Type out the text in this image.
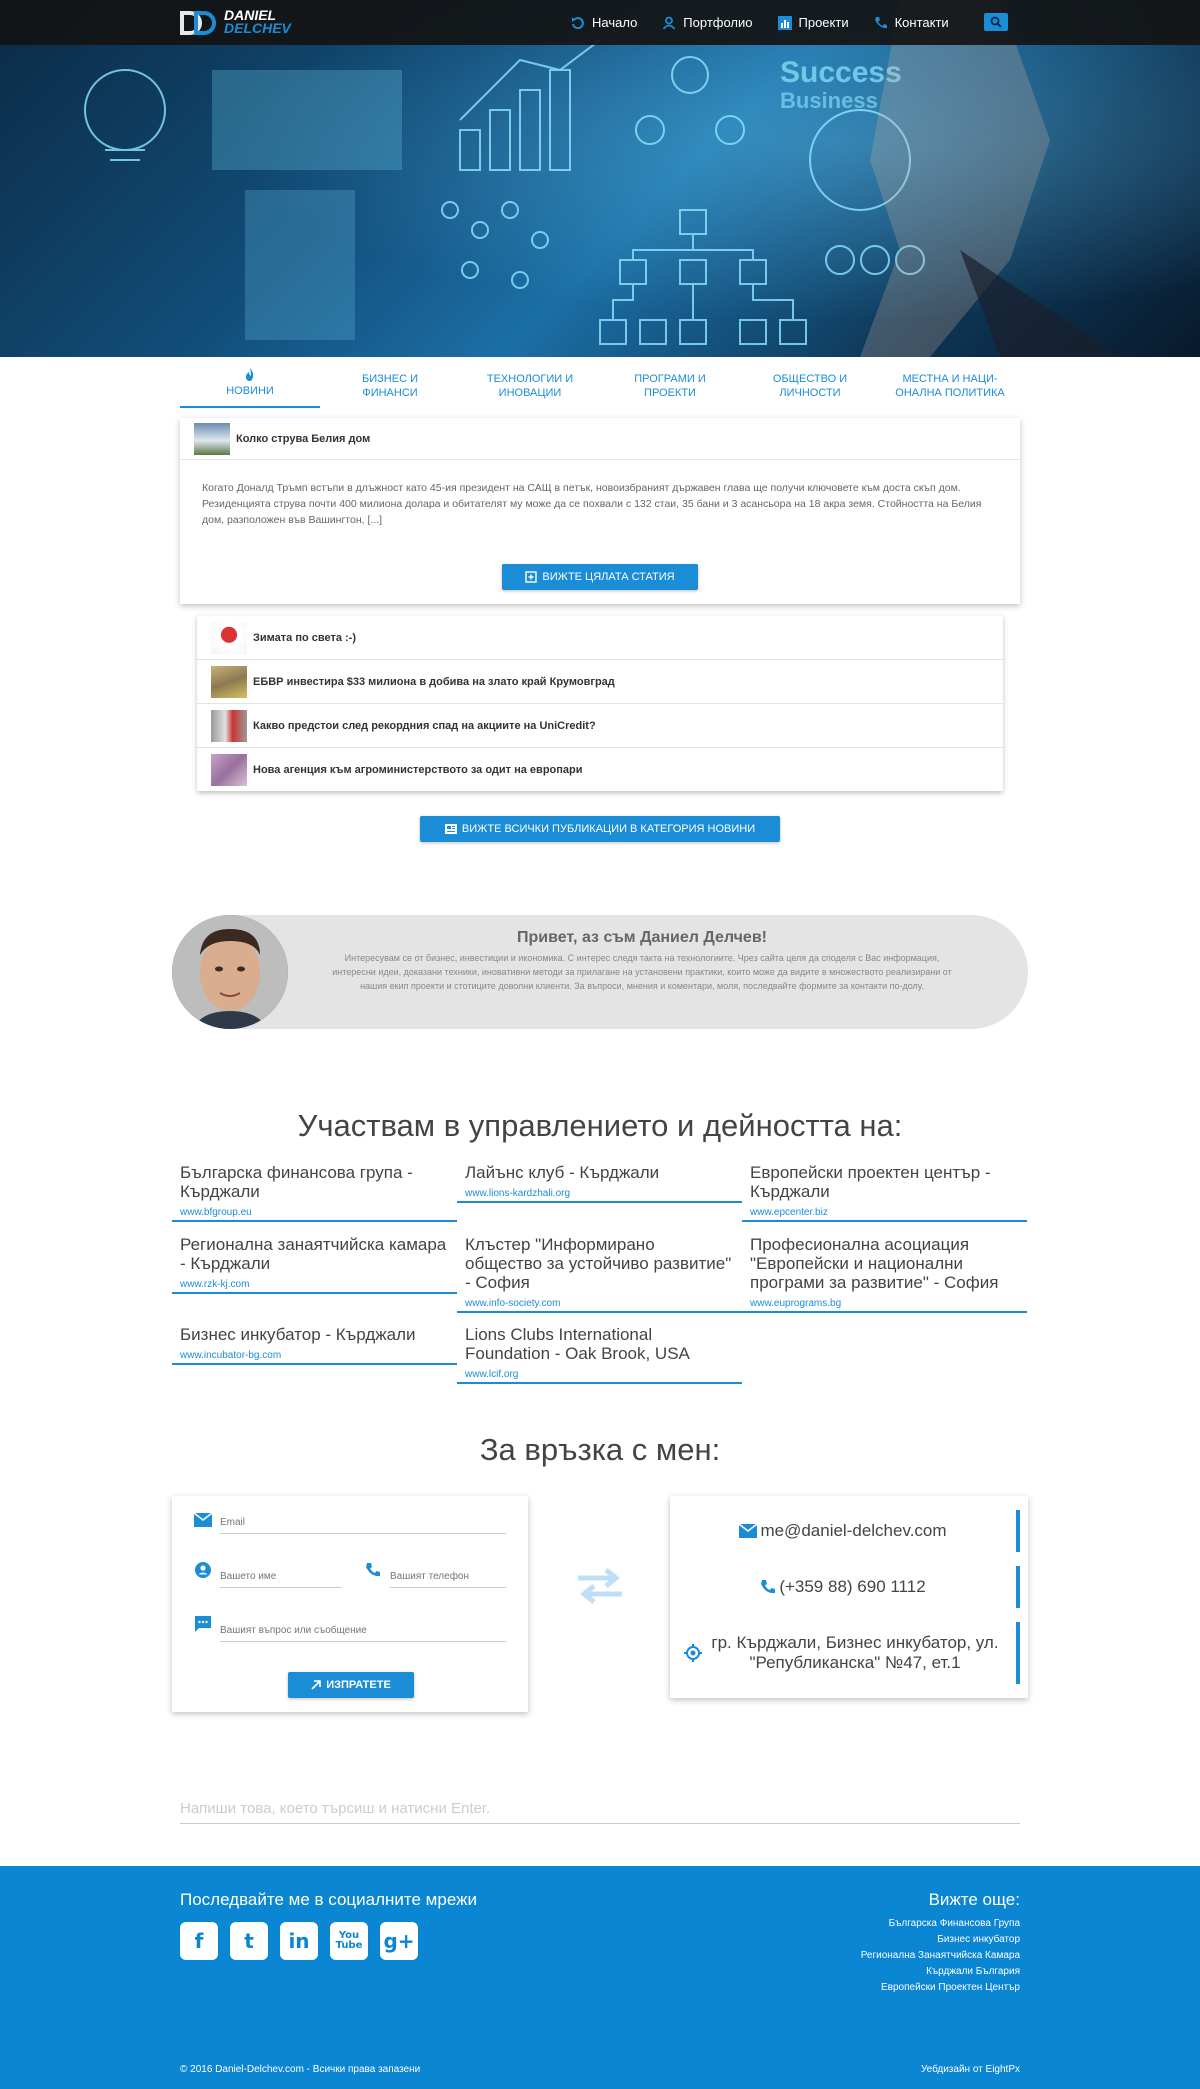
Success
Business
DANIEL
DELCHEV	Начало	Портфолио	Проекти	Контакти
НОВИНИ
БИЗНЕС И
ФИНАНСИ
ТЕХНОЛОГИИ И
ИНОВАЦИИ
ПРОГРАМИ И
ПРОЕКТИ
ОБЩЕСТВО И
ЛИЧНОСТИ
МЕСТНА И НАЦИ-
ОНАЛНА ПОЛИТИКА
Колко струва Белия дом
Когато Доналд Тръмп встъпи в длъжност като 45-ия президент на САЩ в петък, новоизбраният държавен глава ще получи ключовете към доста скъп дом. Резиденцията струва почти 400 милиона долара и обитателят му може да се похвали с 132 стаи, 35 бани и 3 асансьора на 18 акра земя. Стойността на Белия дом, разположен във Вашингтон, [...]
ВИЖТЕ ЦЯЛАТА СТАТИЯ
Зимата по света :-)
ЕБВР инвестира $33 милиона в добива на злато край Крумовград
Какво предстои след рекордния спад на акциите на UniCredit?
Нова агенция към агроминистерството за одит на европари
ВИЖТЕ ВСИЧКИ ПУБЛИКАЦИИ В КАТЕГОРИЯ НОВИНИ
Привет, аз съм Даниел Делчев!

Интересувам се от бизнес, инвестиции и икономика. С интерес следя такта на технологиите. Чрез сайта целя да споделя с Вас информация, интересни идеи, доказани техники, иновативни методи за прилагане на установени практики, които може да видите в множеството реализирани от нашия екип проекти и стотиците доволни клиенти. За въпроси, мнения и коментари, моля, последвайте формите за контакти по-долу.

Участвам в управлението и дейността на:
Българска финансова група - Кърджали
www.bfgroup.eu
Лайънс клуб - Кърджали
www.lions-kardzhali.org
Европейски проектен център - Кърджали
www.epcenter.biz
Регионална занаятчийска камара - Кърджали
www.rzk-kj.com
Клъстер "Информирано общество за устойчиво развитие" - София
www.info-society.com
Професионална асоциация "Европейски и национални програми за развитие" - София
www.euprograms.bg
Бизнес инкубатор - Кърджали
www.incubator-bg.com
Lions Clubs International Foundation - Oak Brook, USA
www.lcif.org
За връзка с мен:
Email
Вашето име
Вашият телефон
Вашият въпрос или съобщение
ИЗПРАТЕТЕ
me@daniel-delchev.com
(+359 88) 690 1112
гр. Кърджали, Бизнес инкубатор, ул. "Републиканска" №47, ет.1
Напиши това, което търсиш и натисни Enter.
Последвайте ме в социалните мрежи
f t in	You Tube g+
Вижте още:
Българска Финансова Група
Бизнес инкубатор
Регионална Занаятчийска Камара
Кърджали България
Европейски Проектен Център
© 2016 Daniel-Delchev.com - Всички права запазени	Уебдизайн от EightPx
